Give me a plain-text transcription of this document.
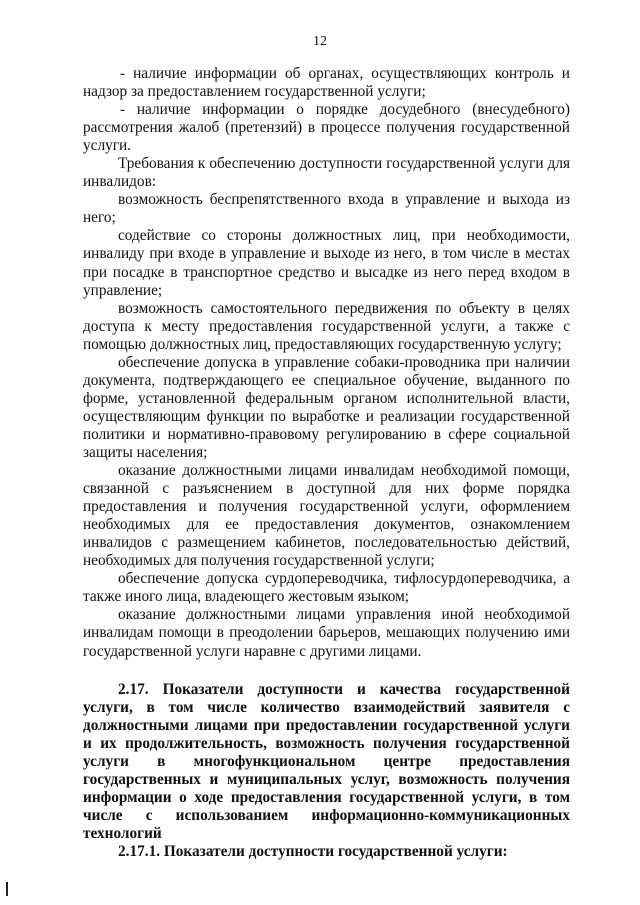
12

- наличие информации об органах, осуществляющих контроль и надзор за предоставлением государственной услуги;

- наличие информации о порядке досудебного (внесудебного) рассмотрения жалоб (претензий) в процессе получения государственной услуги.

Требования к обеспечению доступности государственной услуги для инвалидов:

возможность беспрепятственного входа в управление и выхода из него;

содействие со стороны должностных лиц, при необходимости, инвалиду при входе в управление и выходе из него, в том числе в местах при посадке в транспортное средство и высадке из него перед входом в управление;

возможность самостоятельного передвижения по объекту в целях доступа к месту предоставления государственной услуги, а также с помощью должностных лиц, предоставляющих государственную услугу;

обеспечение допуска в управление собаки-проводника при наличии документа, подтверждающего ее специальное обучение, выданного по форме, установленной федеральным органом исполнительной власти, осуществляющим функции по выработке и реализации государственной политики и нормативно-правовому регулированию в сфере социальной защиты населения;

оказание должностными лицами инвалидам необходимой помощи, связанной с разъяснением в доступной для них форме порядка предоставления и получения государственной услуги, оформлением необходимых для ее предоставления документов, ознакомлением инвалидов с размещением кабинетов, последовательностью действий, необходимых для получения государственной услуги;

обеспечение допуска сурдопереводчика, тифлосурдопереводчика, а также иного лица, владеющего жестовым языком;

оказание должностными лицами управления иной необходимой инвалидам помощи в преодолении барьеров, мешающих получению ими государственной услуги наравне с другими лицами.

2.17. Показатели доступности и качества государственной услуги, в том числе количество взаимодействий заявителя с должностными лицами при предоставлении государственной услуги и их продолжительность, возможность получения государственной услуги в многофункциональном центре предоставления государственных и муниципальных услуг, возможность получения информации о ходе предоставления государственной услуги, в том числе с использованием информационно-коммуникационных технологий

2.17.1. Показатели доступности государственной услуги:
